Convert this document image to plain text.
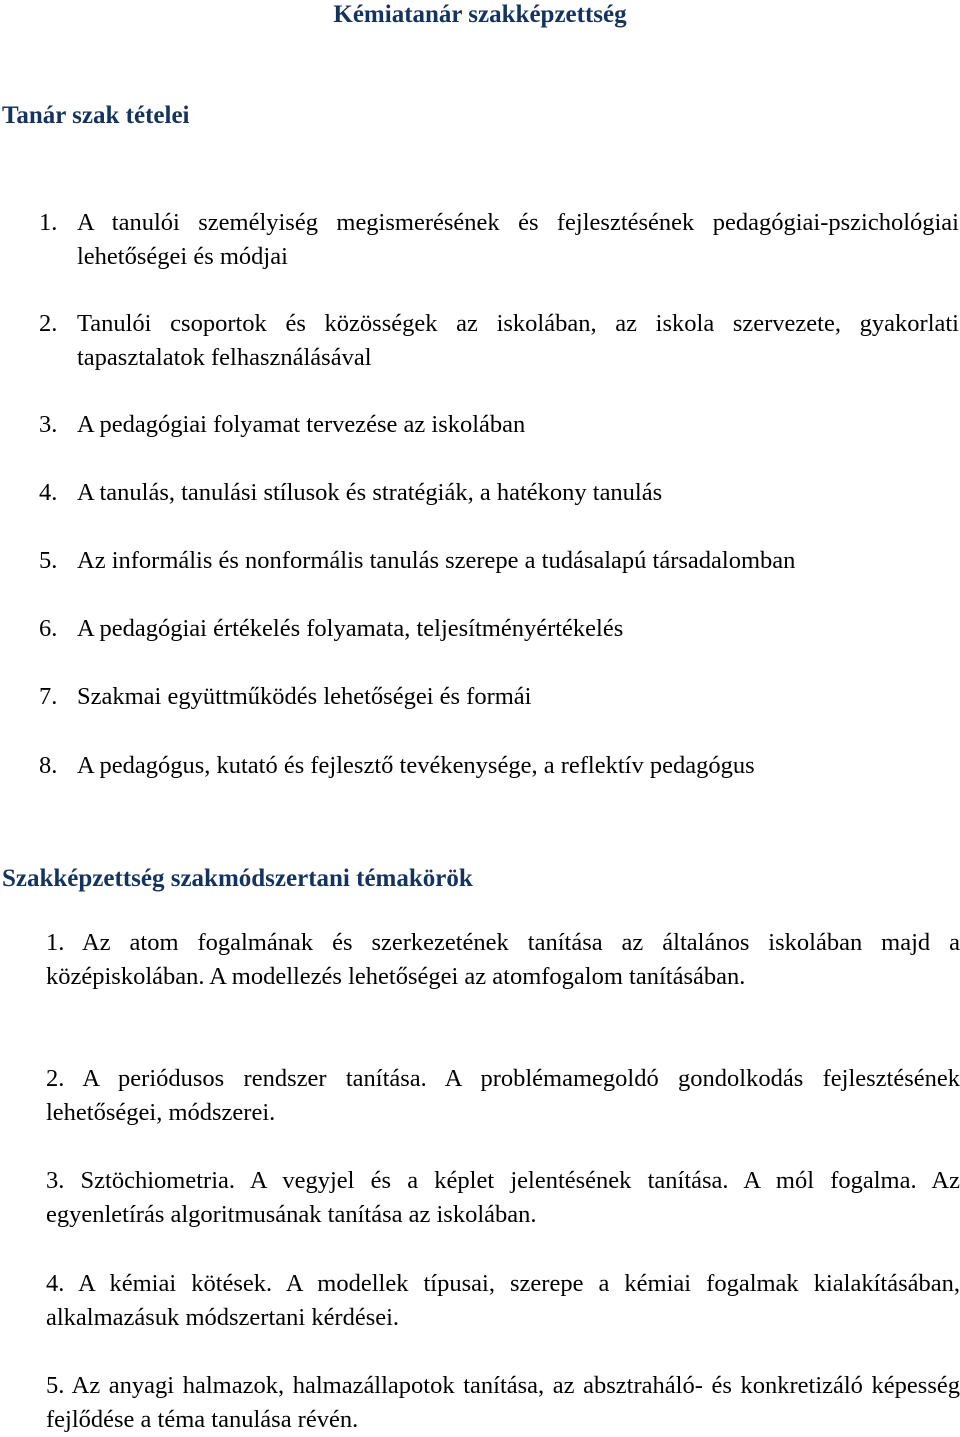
Kémiatanár szakképzettség
Tanár szak tételei
1. A tanulói személyiség megismerésének és fejlesztésének pedagógiai-pszichológiai lehetőségei és módjai
2. Tanulói csoportok és közösségek az iskolában, az iskola szervezete, gyakorlati tapasztalatok felhasználásával
3. A pedagógiai folyamat tervezése az iskolában
4. A tanulás, tanulási stílusok és stratégiák, a hatékony tanulás
5. Az informális és nonformális tanulás szerepe a tudásalapú társadalomban
6. A pedagógiai értékelés folyamata, teljesítményértékelés
7. Szakmai együttműködés lehetőségei és formái
8. A pedagógus, kutató és fejlesztő tevékenysége, a reflektív pedagógus
Szakképzettség szakmódszertani témakörök
1. Az atom fogalmának és szerkezetének tanítása az általános iskolában majd a középiskolában. A modellezés lehetőségei az atomfogalom tanításában.
2. A periódusos rendszer tanítása. A problémamegoldó gondolkodás fejlesztésének lehetőségei, módszerei.
3. Sztöchiometria. A vegyjel és a képlet jelentésének tanítása. A mól fogalma. Az egyenletírás algoritmusának tanítása az iskolában.
4. A kémiai kötések. A modellek típusai, szerepe a kémiai fogalmak kialakításában, alkalmazásuk módszertani kérdései.
5. Az anyagi halmazok, halmazállapotok tanítása, az absztraháló- és konkretizáló képesség fejlődése a téma tanulása révén.
